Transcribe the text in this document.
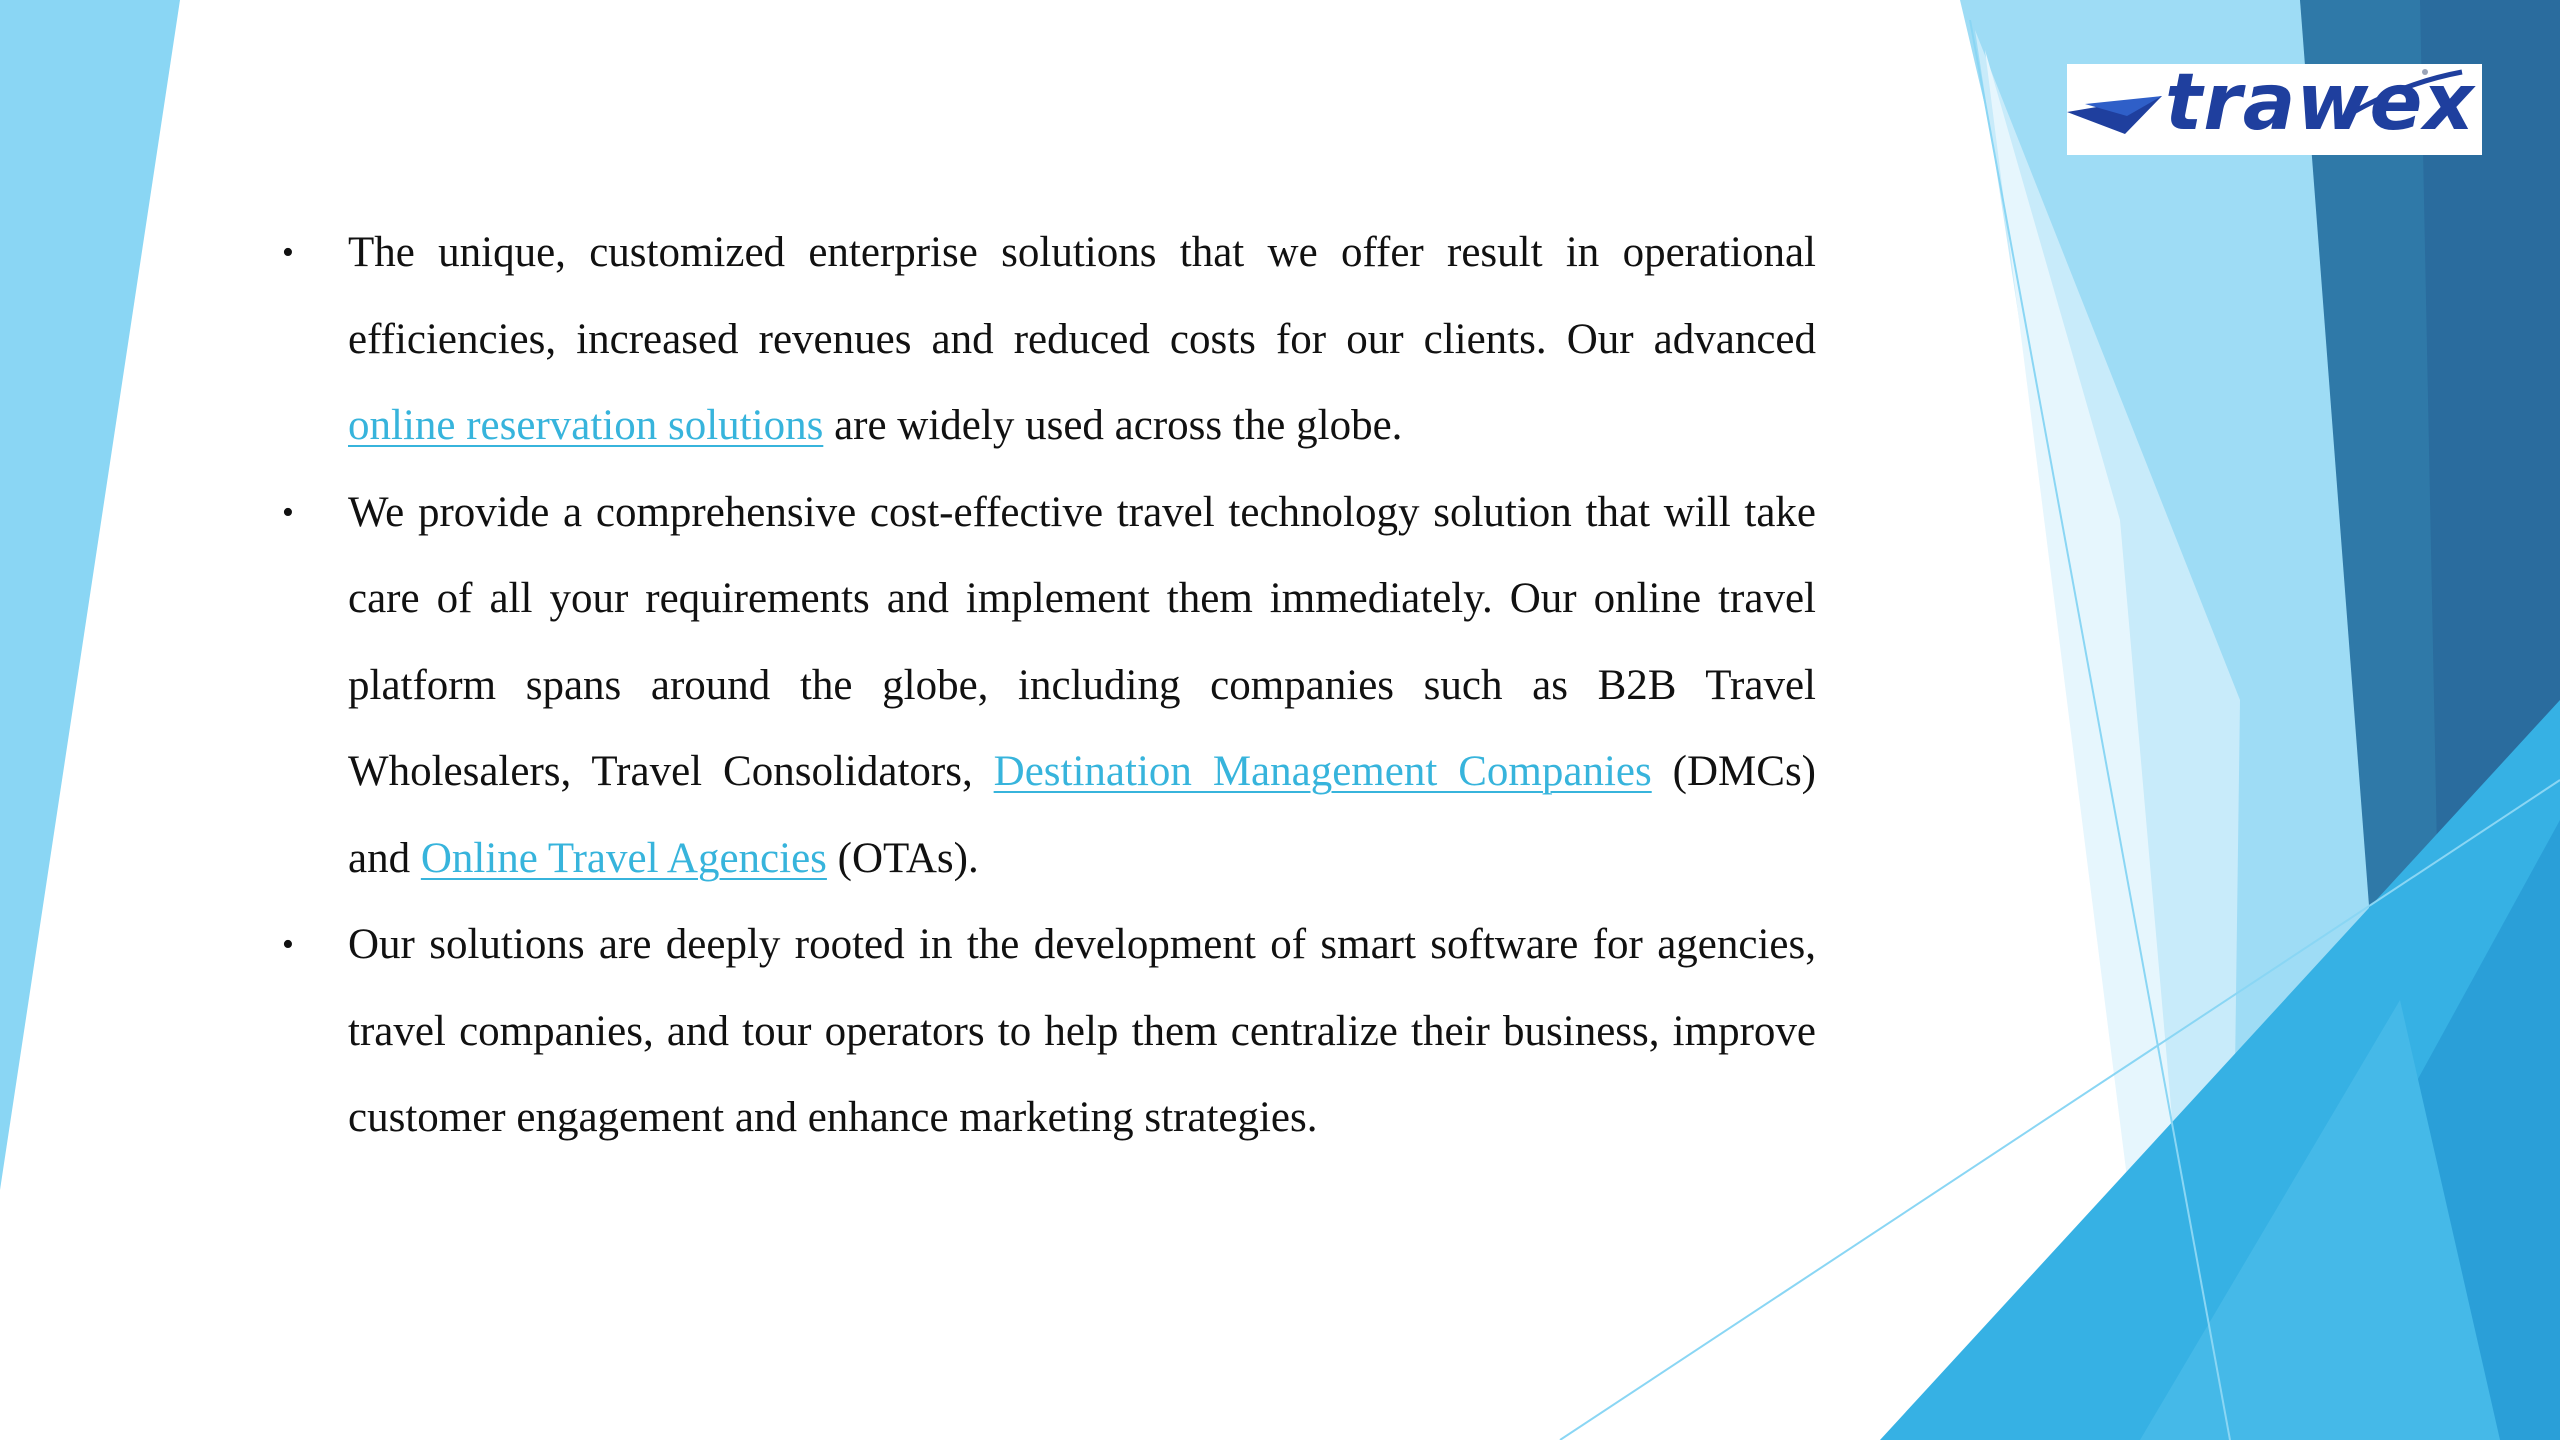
trawex
•	The unique, customized enterprise solutions that we offer result in operational efficiencies, increased revenues and reduced costs for our clients. Our advanced online reservation solutions are widely used across the globe.
•	We provide a comprehensive cost-effective travel technology solution that will take care of all your requirements and implement them immediately. Our online travel platform spans around the globe, including companies such as B2B Travel Wholesalers, Travel Consolidators, Destination Management Companies (DMCs) and Online Travel Agencies (OTAs).
•	Our solutions are deeply rooted in the development of smart software for agencies, travel companies, and tour operators to help them centralize their business, improve customer engagement and enhance marketing strategies.
